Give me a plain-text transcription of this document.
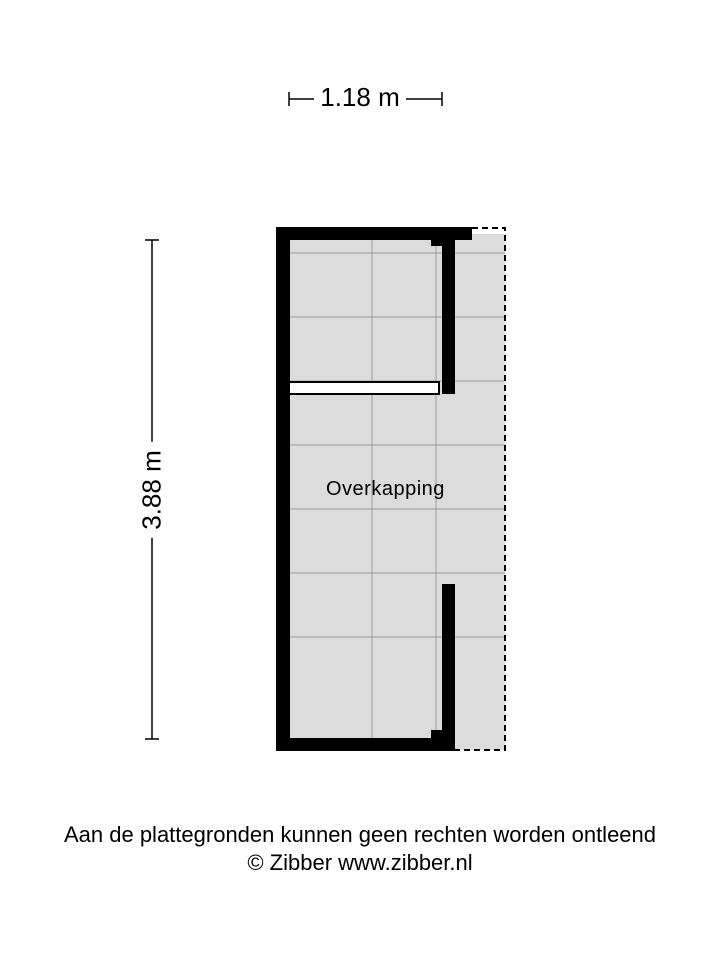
1.18 m
3.88 m	Overkapping
Aan de plattegronden kunnen geen rechten worden ontleend
© Zibber www.zibber.nl
